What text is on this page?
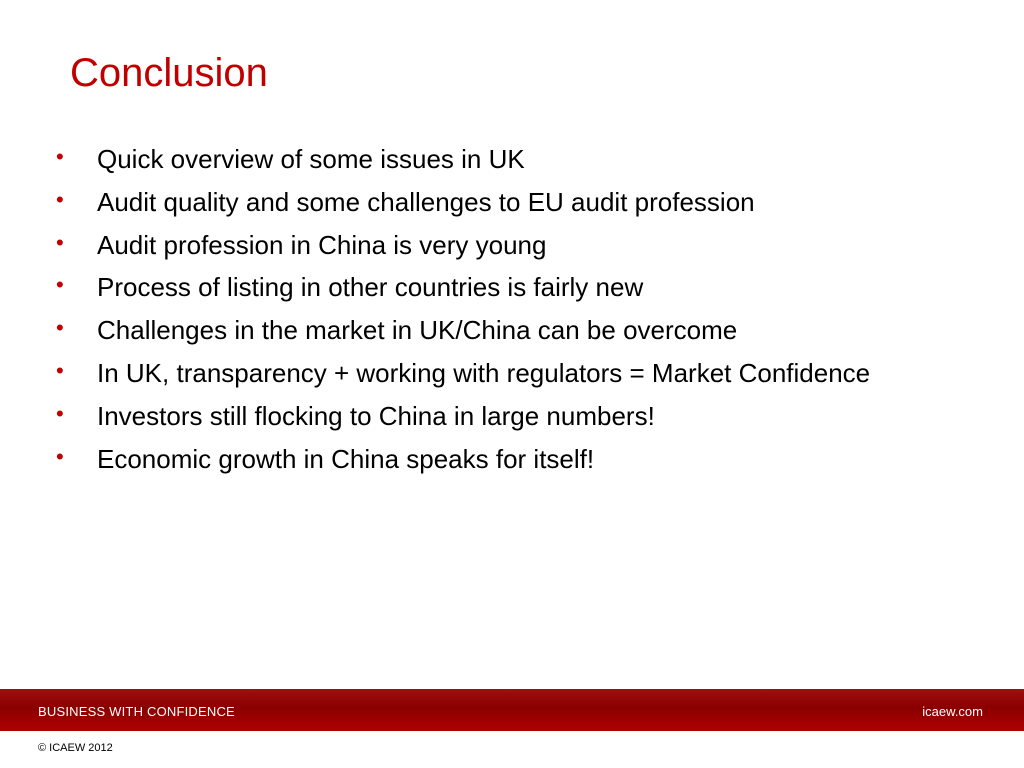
Conclusion
• Quick overview of some issues in UK
• Audit quality and some challenges to EU audit profession
• Audit profession in China is very young
• Process of listing in other countries is fairly new
• Challenges in the market in UK/China can be overcome
• In UK, transparency + working with regulators = Market Confidence
• Investors still flocking to China in large numbers!
• Economic growth in China speaks for itself!
BUSINESS WITH CONFIDENCE	icaew.com
© ICAEW 2012
